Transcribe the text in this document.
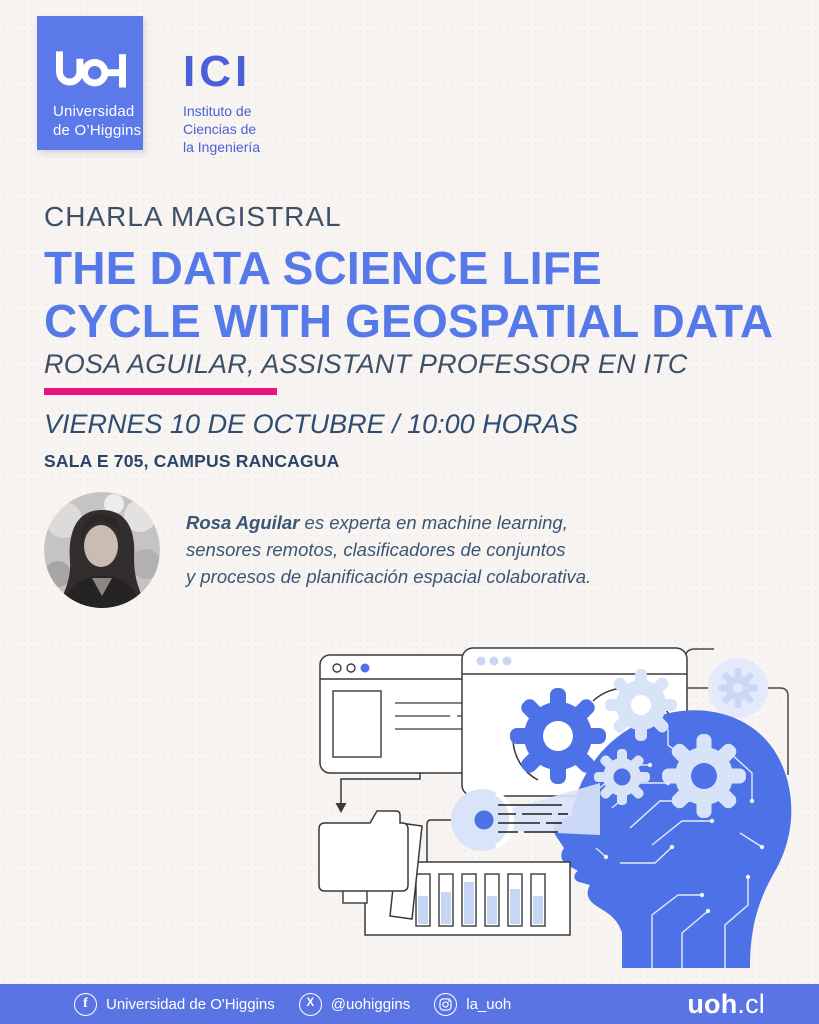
Universidad
de O’Higgins
ICI
Instituto de
Ciencias de
la Ingeniería
CHARLA MAGISTRAL
THE DATA SCIENCE LIFE
CYCLE WITH GEOSPATIAL DATA
ROSA AGUILAR, ASSISTANT PROFESSOR EN ITC
VIERNES 10 DE OCTUBRE / 10:00 HORAS
SALA E 705, CAMPUS RANCAGUA
Rosa Aguilar es experta en machine learning,
sensores remotos, clasificadores de conjuntos
y procesos de planificación espacial colaborativa.
f Universidad de O'Higgins	X @uohiggins	la_uoh	uoh.cl
